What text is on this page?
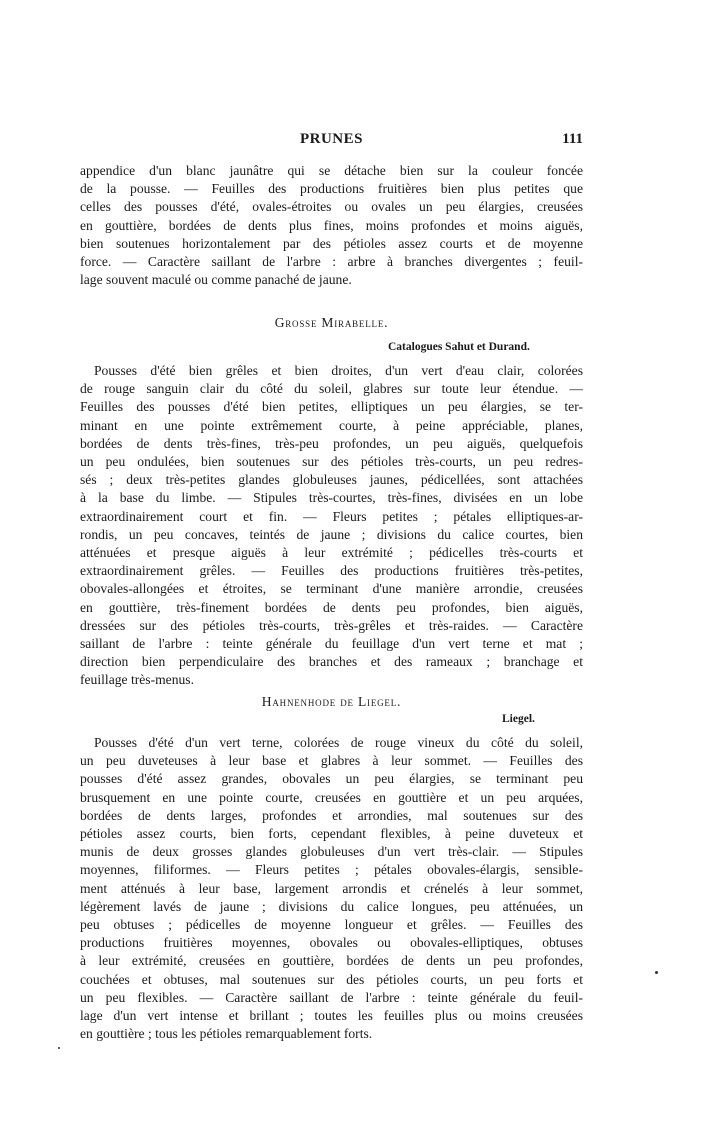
PRUNES	111
appendice d'un blanc jaunâtre qui se détache bien sur la couleur foncée
de la pousse. — Feuilles des productions fruitières bien plus petites que
celles des pousses d'été, ovales-étroites ou ovales un peu élargies, creusées
en gouttière, bordées de dents plus fines, moins profondes et moins aiguës,
bien soutenues horizontalement par des pétioles assez courts et de moyenne
force. — Caractère saillant de l'arbre : arbre à branches divergentes ; feuil-
lage souvent maculé ou comme panaché de jaune.
Grosse Mirabelle.
Catalogues Sahut et Durand.
Pousses d'été bien grêles et bien droites, d'un vert d'eau clair, colorées
de rouge sanguin clair du côté du soleil, glabres sur toute leur étendue. —
Feuilles des pousses d'été bien petites, elliptiques un peu élargies, se ter-
minant en une pointe extrêmement courte, à peine appréciable, planes,
bordées de dents très-fines, très-peu profondes, un peu aiguës, quelquefois
un peu ondulées, bien soutenues sur des pétioles très-courts, un peu redres-
sés ; deux très-petites glandes globuleuses jaunes, pédicellées, sont attachées
à la base du limbe. — Stipules très-courtes, très-fines, divisées en un lobe
extraordinairement court et fin. — Fleurs petites ; pétales elliptiques-ar-
rondis, un peu concaves, teintés de jaune ; divisions du calice courtes, bien
atténuées et presque aiguës à leur extrémité ; pédicelles très-courts et
extraordinairement grêles. — Feuilles des productions fruitières très-petites,
obovales-allongées et étroites, se terminant d'une manière arrondie, creusées
en gouttière, très-finement bordées de dents peu profondes, bien aiguës,
dressées sur des pétioles très-courts, très-grêles et très-raides. — Caractère
saillant de l'arbre : teinte générale du feuillage d'un vert terne et mat ;
direction bien perpendiculaire des branches et des rameaux ; branchage et
feuillage très-menus.
Hahnenhode de Liegel.
Liegel.
Pousses d'été d'un vert terne, colorées de rouge vineux du côté du soleil,
un peu duveteuses à leur base et glabres à leur sommet. — Feuilles des
pousses d'été assez grandes, obovales un peu élargies, se terminant peu
brusquement en une pointe courte, creusées en gouttière et un peu arquées,
bordées de dents larges, profondes et arrondies, mal soutenues sur des
pétioles assez courts, bien forts, cependant flexibles, à peine duveteux et
munis de deux grosses glandes globuleuses d'un vert très-clair. — Stipules
moyennes, filiformes. — Fleurs petites ; pétales obovales-élargis, sensible-
ment atténués à leur base, largement arrondis et crénelés à leur sommet,
légèrement lavés de jaune ; divisions du calice longues, peu atténuées, un
peu obtuses ; pédicelles de moyenne longueur et grêles. — Feuilles des
productions fruitières moyennes, obovales ou obovales-elliptiques, obtuses
à leur extrémité, creusées en gouttière, bordées de dents un peu profondes,
couchées et obtuses, mal soutenues sur des pétioles courts, un peu forts et
un peu flexibles. — Caractère saillant de l'arbre : teinte générale du feuil-
lage d'un vert intense et brillant ; toutes les feuilles plus ou moins creusées
en gouttière ; tous les pétioles remarquablement forts.
